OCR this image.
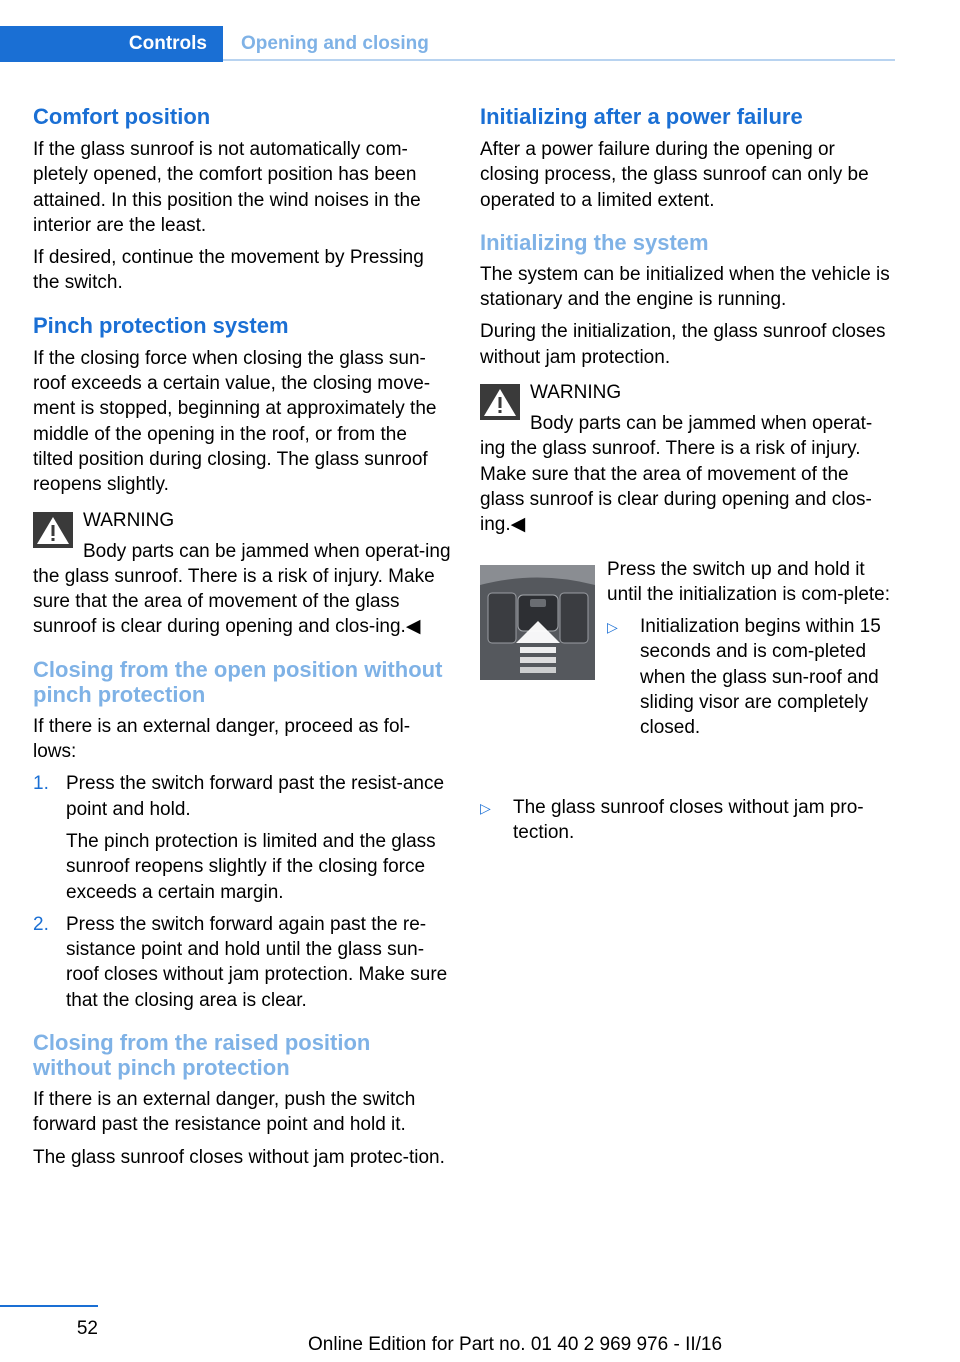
Controls	Opening and closing
Comfort position

If the glass sunroof is not automatically com-pletely opened, the comfort position has been attained. In this position the wind noises in the interior are the least.

If desired, continue the movement by Pressing the switch.

Pinch protection system

If the closing force when closing the glass sun-roof exceeds a certain value, the closing move-ment is stopped, beginning at approximately the middle of the opening in the roof, or from the tilted position during closing. The glass sunroof reopens slightly.

WARNING

Body parts can be jammed when operat-ing the glass sunroof. There is a risk of injury. Make sure that the area of movement of the glass sunroof is clear during opening and clos-ing.◀

Closing from the open position without pinch protection

If there is an external danger, proceed as fol-lows:

1. Press the switch forward past the resist-ance point and hold.

The pinch protection is limited and the glass sunroof reopens slightly if the closing force exceeds a certain margin.

2. Press the switch forward again past the re-sistance point and hold until the glass sun-roof closes without jam protection. Make sure that the closing area is clear.

Closing from the raised position without pinch protection

If there is an external danger, push the switch forward past the resistance point and hold it.

The glass sunroof closes without jam protec-tion.

Initializing after a power failure

After a power failure during the opening or closing process, the glass sunroof can only be operated to a limited extent.

Initializing the system

The system can be initialized when the vehicle is stationary and the engine is running.

During the initialization, the glass sunroof closes without jam protection.

WARNING

Body parts can be jammed when operat-ing the glass sunroof. There is a risk of injury. Make sure that the area of movement of the glass sunroof is clear during opening and clos-ing.◀

Press the switch up and hold it until the initialization is com-plete:

▷	Initialization begins within 15 seconds and is com-pleted when the glass sun-roof and sliding visor are completely closed.

▷	The glass sunroof closes without jam pro-tection.

52
Online Edition for Part no. 01 40 2 969 976 - II/16
